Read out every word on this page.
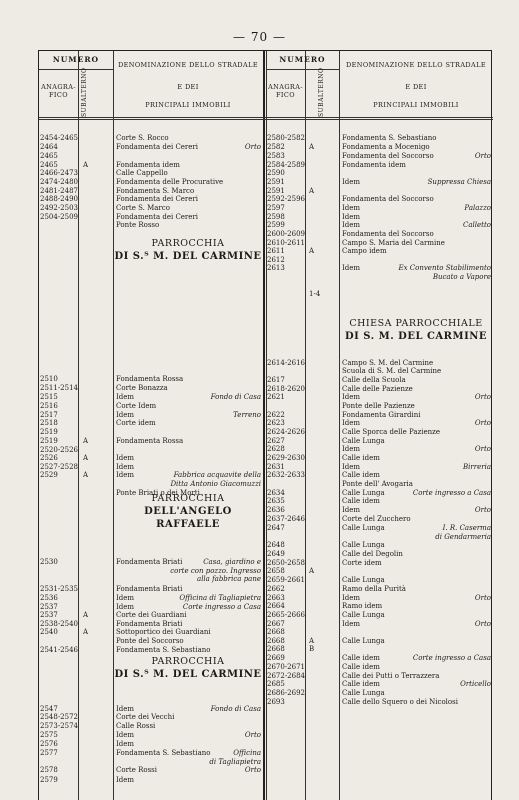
— 70 —
NUMERO
ANAGRA-FICO	SUBALTERNO
DENOMINAZIONE DELLO STRADALE
E DEI
PRINCIPALI IMMOBILI
NUMERO
ANAGRA-FICO	SUBALTERNO
DENOMINAZIONE DELLO STRADALE
E DEI
PRINCIPALI IMMOBILI
2454-2465	Corte S. Rocco
2464	Fondamenta dei Cereri	Orto
2465
2465	A	Fondamenta idem
2466-2473	Calle Cappello
2474-2480	Fondamenta delle Procurative
2481-2487	Fondamenta S. Marco
2488-2490	Fondamenta dei Cereri
2492-2503	Corte S. Marco
2504-2509	Fondamenta dei Cereri
Ponte Rosso
2510	Fondamenta Rossa
2511-2514	Corte Bonazza
2515	Idem	Fondo di Casa
2516	Corte Idem
2517	Idem	Terreno
2518	Corte idem
2519
2519	A	Fondamenta Rossa
2520-2526
2526	A	Idem
2527-2528	Idem
2529	A	Idem	Fabbrica acquavite della
Ditta Antonio Giacomuzzi
Ponte Briati o dei Morti
2530	Fondamenta Briati	Casa, giardino e
corte con pozzo. Ingresso
alla fabbrica pane
2531-2535	Fondamenta Briati
2536	Idem	Officina di Tagliapietra
2537	Idem	Corte ingresso a Casa
2537	A	Corte dei Guardiani
2538-2540	Fondamenta Briati
2540	A	Sottoportico dei Guardiani
Ponte del Soccorso
2541-2546	Fondamenta S. Sebastiano
2547	Idem	Fondo di Casa
2548-2572	Corte dei Vecchi
2573-2574	Calle Rossi
2575	Idem	Orto
2576	Idem
2577	Fondamenta S. Sebastiano	Officina
di Tagliapietra
2578	Corte Rossi	Orto
2579	Idem
PARROCCHIA
DI S.ᵀ M. DEL CARMINE
PARROCCHIA
DELL'ANGELO RAFFAELE
PARROCCHIA
DI S.ᵀ M. DEL CARMINE
2580-2582	Fondamenta S. Sebastiano
2582	A	Fondamenta a Mocenigo
2583	Fondamenta del Soccorso	Orto
2584-2589	Fondamenta idem
2590
2591	Idem	Suppressa Chiesa
2591	A
2592-2596	Fondamenta del Soccorso
2597	Idem	Palazzo
2598	Idem
2599	Idem	Calletto
2600-2609	Fondamenta del Soccorso
2610-2611	Campo S. Maria del Carmine
2611	A	Campo idem
2612
2613	Idem	Ex Convento Stabilimento
Bucato a Vapore
1-4
2614-2616	Campo S. M. del Carmine
Scuola di S. M. del Carmine
2617	Calle della Scuola
2618-2620	Calle delle Pazienze
2621	Idem	Orto
Ponte delle Pazienze
2622	Fondamenta Girardini
2623	Idem	Orto
2624-2626	Calle Sporca delle Pazienze
2627	Calle Lunga
2628	Idem	Orto
2629-2630	Calle idem
2631	Idem	Birreria
2632-2633	Calle idem
Ponte dell' Avogaria
2634	Calle Lunga	Corte ingresso a Casa
2635	Calle idem
2636	Idem	Orto
2637-2646	Corte del Zucchero
2647	Calle Lunga	I. R. Caserma
di Gendarmeria
2648	Calle Lunga
2649	Calle del Degolin
2650-2658	Corte idem
2658	A
2659-2661	Calle Lunga
2662	Ramo della Purità
2663	Idem	Orto
2664	Ramo idem
2665-2666	Calle Lunga
2667	Idem	Orto
2668
2668	A	Calle Lunga
2668	B
2669	Calle idem	Corte ingresso a Casa
2670-2671	Calle idem
2672-2684	Calle dei Putti o Terrazzera
2685	Calle idem	Orticello
2686-2692	Calle Lunga
2693	Calle dello Squero o dei Nicolosi
CHIESA PARROCCHIALE
DI S. M. DEL CARMINE
